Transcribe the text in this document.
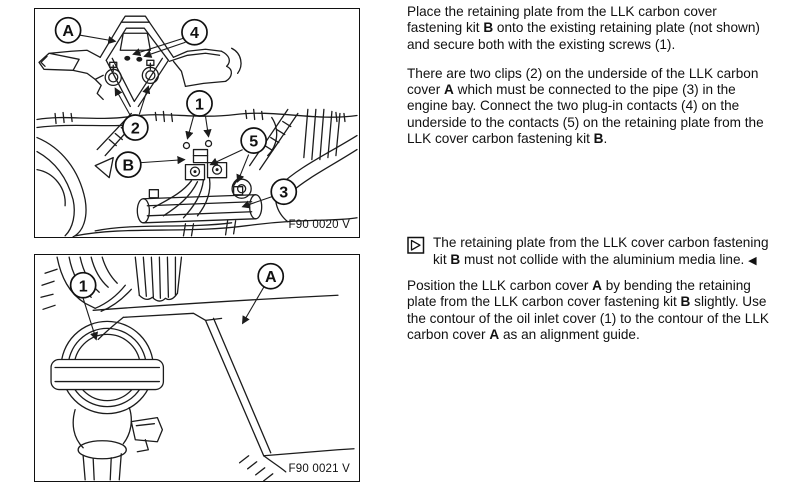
A	4
1
2
B
5
3
F90 0020 V
1
A
F90 0021 V

Place the retaining plate from the LLK carbon cover fastening kit B onto the existing retaining plate (not shown) and secure both with the existing screws (1).

There are two clips (2) on the underside of the LLK carbon cover A which must be connected to the pipe (3) in the engine bay. Connect the two plug-in contacts (4) on the underside to the contacts (5) on the retaining plate from the LLK cover carbon fastening kit B.

The retaining plate from the LLK cover carbon fastening kit B must not collide with the aluminium media line. ◀

Position the LLK carbon cover A by bending the retaining plate from the LLK carbon cover fastening kit B slightly. Use the contour of the oil inlet cover (1) to the contour of the LLK carbon cover A as an alignment guide.
